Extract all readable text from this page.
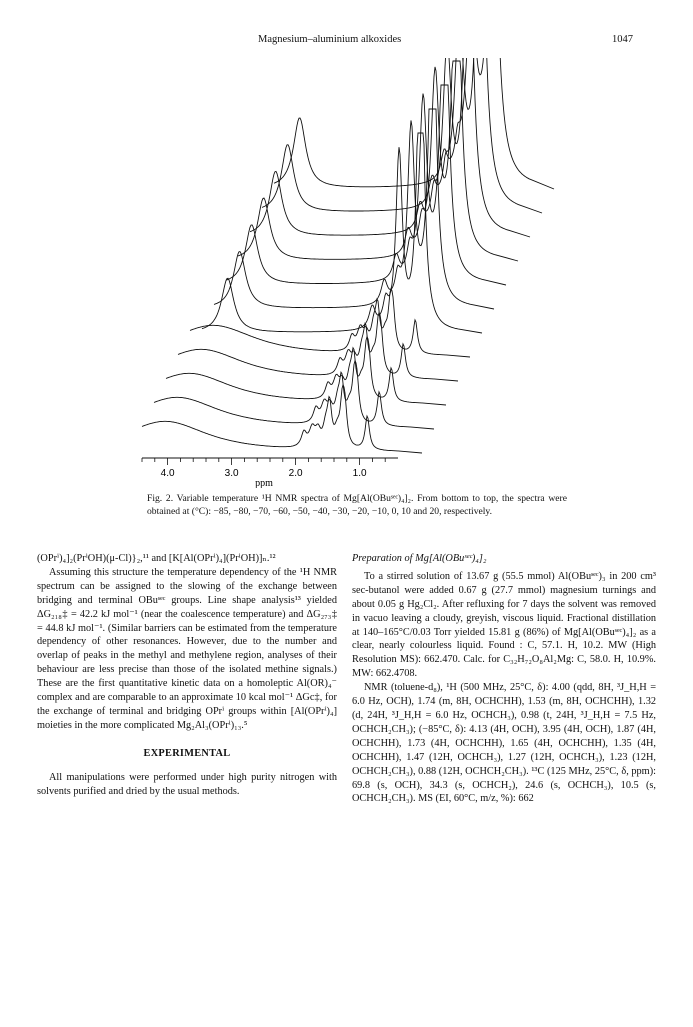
Magnesium–aluminium alkoxides	1047
4.0	3.0	2.0	1.0
ppm
Fig. 2. Variable temperature ¹H NMR spectra of Mg[Al(OBuˢᵉᶜ)₄]₂. From bottom to top, the spectra were obtained at (°C): −85, −80, −70, −60, −50, −40, −30, −20, −10, 0, 10 and 20, respectively.

(OPrⁱ)₄]₂(PrⁱOH)(μ-Cl)}₂,¹¹ and [K[Al(OPrⁱ)₄](PrⁱOH)]ₙ.¹²

Assuming this structure the temperature dependency of the ¹H NMR spectrum can be assigned to the slowing of the exchange between bridging and terminal OBuˢᵉᶜ groups. Line shape analysis¹³ yielded ΔG₂₁₈‡ = 42.2 kJ mol⁻¹ (near the coalescence temperature) and ΔG₂₇₃‡ = 44.8 kJ mol⁻¹. (Similar barriers can be estimated from the temperature dependency of other resonances. However, due to the number and overlap of peaks in the methyl and methylene region, analyses of their behaviour are less precise than those of the isolated methine signals.) These are the first quantitative kinetic data on a homoleptic Al(OR)₄⁻ complex and are comparable to an approximate 10 kcal mol⁻¹ ΔGc‡, for the exchange of terminal and bridging OPrⁱ groups within [Al(OPrⁱ)₄] moieties in the more complicated Mg₂Al₃(OPrⁱ)₁₃.⁵

EXPERIMENTAL

All manipulations were performed under high purity nitrogen with solvents purified and dried by the usual methods.

Preparation of Mg[Al(OBuˢᵉᶜ)₄]₂

To a stirred solution of 13.67 g (55.5 mmol) Al(OBuˢᵉᶜ)₃ in 200 cm³ sec-butanol were added 0.67 g (27.7 mmol) magnesium turnings and about 0.05 g Hg₂Cl₂. After refluxing for 7 days the solvent was removed in vacuo leaving a cloudy, greyish, viscous liquid. Fractional distillation at 140–165°C/0.03 Torr yielded 15.81 g (86%) of Mg[Al(OBuˢᵉᶜ)₄]₂ as a clear, nearly colourless liquid. Found : C, 57.1. H, 10.2. MW (High Resolution MS): 662.470. Calc. for C₃₂H₇₂O₈Al₂Mg: C, 58.0. H, 10.9%. MW: 662.4708.

NMR (toluene-d₈), ¹H (500 MHz, 25°C, δ): 4.00 (qdd, 8H, ³J_H,H = 6.0 Hz, OCH), 1.74 (m, 8H, OCHCHH), 1.53 (m, 8H, OCHCHH), 1.32 (d, 24H, ³J_H,H = 6.0 Hz, OCHCH₃), 0.98 (t, 24H, ³J_H,H = 7.5 Hz, OCHCH₂CH₃); (−85°C, δ): 4.13 (4H, OCH), 3.95 (4H, OCH), 1.87 (4H, OCHCHH), 1.73 (4H, OCHCHH), 1.65 (4H, OCHCHH), 1.35 (4H, OCHCHH), 1.47 (12H, OCHCH₃), 1.27 (12H, OCHCH₃), 1.23 (12H, OCHCH₂CH₃), 0.88 (12H, OCHCH₂CH₃). ¹³C (125 MHz, 25°C, δ, ppm): 69.8 (s, OCH), 34.3 (s, OCHCH₂), 24.6 (s, OCHCH₃), 10.5 (s, OCHCH₂CH₃). MS (EI, 60°C, m/z, %): 662
